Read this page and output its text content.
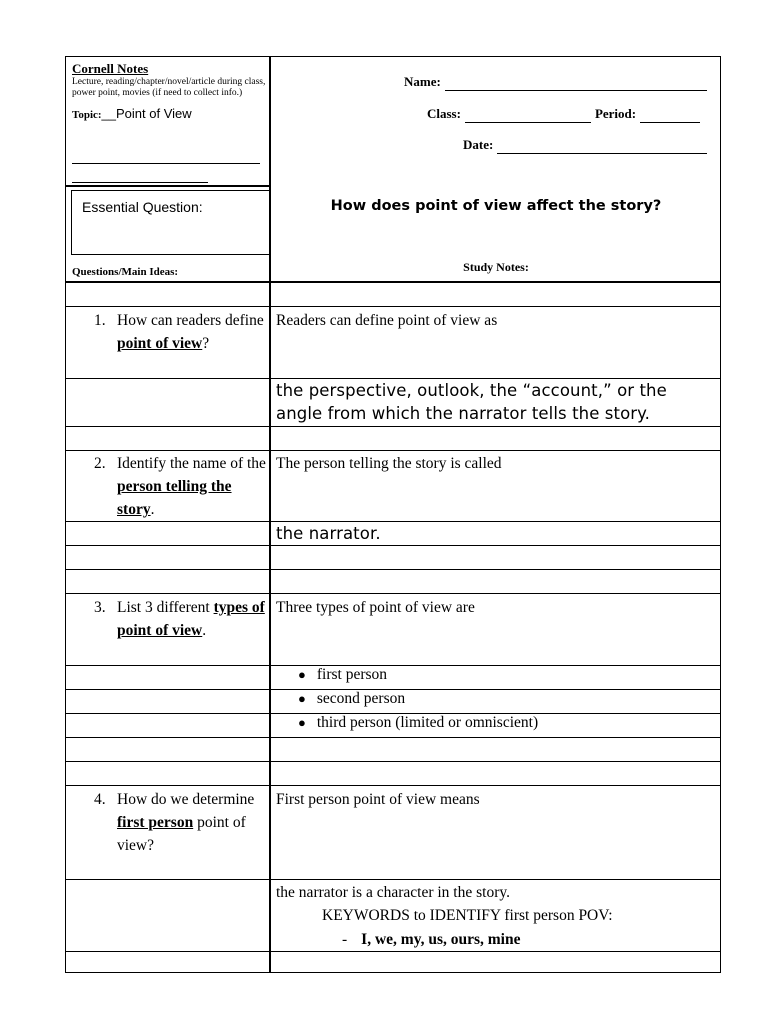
Cornell Notes
Lecture, reading/chapter/novel/article during class, power point, movies (if need to collect info.)
Topic:__Point of View
Essential Question:
Questions/Main Ideas:
Name:
Class:	Period:
Date:
How does point of view affect the story?
Study Notes:
1. How can readers define point of view?
Readers can define point of view as
the perspective, outlook, the “account,” or the angle from which the narrator tells the story.
2. Identify the name of the person telling the story.
The person telling the story is called
the narrator.
3. List 3 different types of point of view.
Three types of point of view are
● first person
● second person
● third person (limited or omniscient)
4. How do we determine first person point of view?
First person point of view means
the narrator is a character in the story.
KEYWORDS to IDENTIFY first person POV:
- I, we, my, us, ours, mine
